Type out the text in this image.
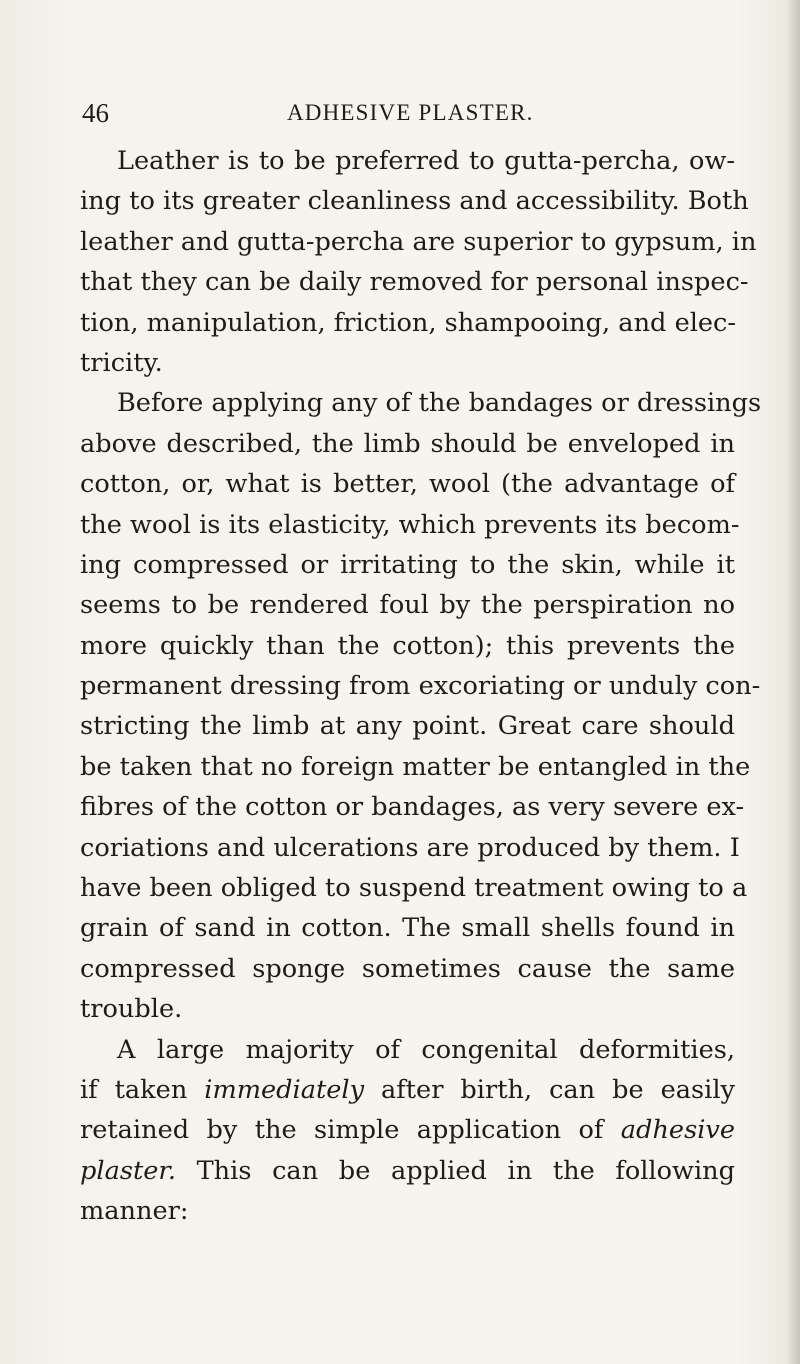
46	ADHESIVE PLASTER.
Leather is to be preferred to gutta-percha, ow-
ing to its greater cleanliness and accessibility. Both
leather and gutta-percha are superior to gypsum, in
that they can be daily removed for personal inspec-
tion, manipulation, friction, shampooing, and elec-
tricity.
Before applying any of the bandages or dressings
above described, the limb should be enveloped in
cotton, or, what is better, wool (the advantage of
the wool is its elasticity, which prevents its becom-
ing compressed or irritating to the skin, while it
seems to be rendered foul by the perspiration no
more quickly than the cotton); this prevents the
permanent dressing from excoriating or unduly con-
stricting the limb at any point. Great care should
be taken that no foreign matter be entangled in the
fibres of the cotton or bandages, as very severe ex-
coriations and ulcerations are produced by them. I
have been obliged to suspend treatment owing to a
grain of sand in cotton. The small shells found in
compressed sponge sometimes cause the same
trouble.
A large majority of congenital deformities,
if taken immediately after birth, can be easily
retained by the simple application of adhesive
plaster. This can be applied in the following
manner:
